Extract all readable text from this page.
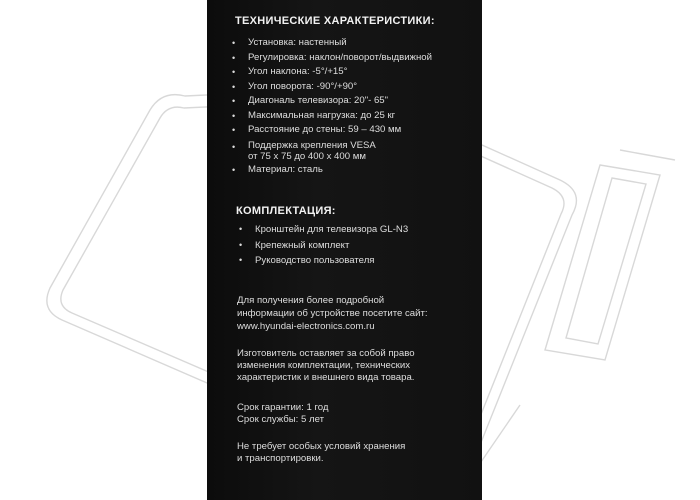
ТЕХНИЧЕСКИЕ ХАРАКТЕРИСТИКИ:
• Установка: настенный
• Регулировка: наклон/поворот/выдвижной
• Угол наклона: -5°/+15°
• Угол поворота: -90°/+90°
• Диагональ телевизора: 20"- 65"
• Максимальная нагрузка: до 25 кг
• Расстояние до стены: 59 – 430 мм
• Поддержка крепления VESA
от 75 х 75 до 400 х 400 мм
• Материал: сталь
КОМПЛЕКТАЦИЯ:
• Кронштейн для телевизора GL-N3
• Крепежный комплект
• Руководство пользователя

Для получения более подробной
информации об устройстве посетите сайт:
www.hyundai-electronics.com.ru

Изготовитель оставляет за собой право
изменения комплектации, технических
характеристик и внешнего вида товара.

Срок гарантии: 1 год
Срок службы: 5 лет

Не требует особых условий хранения
и транспортировки.
